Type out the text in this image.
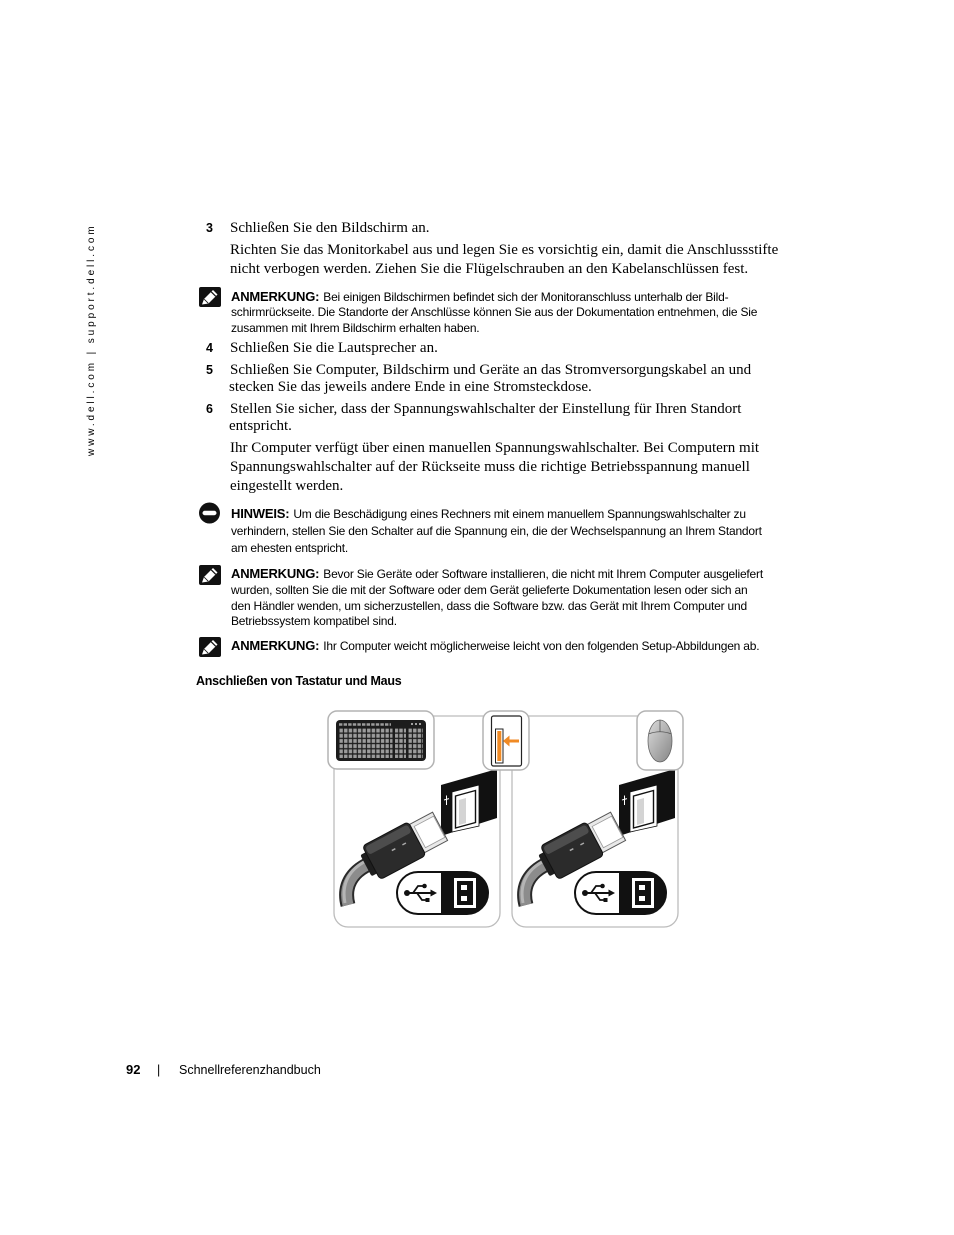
www.dell.com | support.dell.com	3 Schließen Sie den Bildschirm an.
Richten Sie das Monitorkabel aus und legen Sie es vorsichtig ein, damit die Anschlussstifte
nicht verbogen werden. Ziehen Sie die Flügelschrauben an den Kabelanschlüssen fest.
ANMERKUNG: Bei einigen Bildschirmen befindet sich der Monitoranschluss unterhalb der Bild-
schirmrückseite. Die Standorte der Anschlüsse können Sie aus der Dokumentation entnehmen, die Sie
zusammen mit Ihrem Bildschirm erhalten haben.
4 Schließen Sie die Lautsprecher an.
5 Schließen Sie Computer, Bildschirm und Geräte an das Stromversorgungskabel an und
stecken Sie das jeweils andere Ende in eine Stromsteckdose.
6 Stellen Sie sicher, dass der Spannungswahlschalter der Einstellung für Ihren Standort
entspricht.
Ihr Computer verfügt über einen manuellen Spannungswahlschalter. Bei Computern mit
Spannungswahlschalter auf der Rückseite muss die richtige Betriebsspannung manuell
eingestellt werden.
HINWEIS: Um die Beschädigung eines Rechners mit einem manuellem Spannungswahlschalter zu
verhindern, stellen Sie den Schalter auf die Spannung ein, die der Wechselspannung an Ihrem Standort
am ehesten entspricht.
ANMERKUNG: Bevor Sie Geräte oder Software installieren, die nicht mit Ihrem Computer ausgeliefert
wurden, sollten Sie die mit der Software oder dem Gerät gelieferte Dokumentation lesen oder sich an
den Händler wenden, um sicherzustellen, dass die Software bzw. das Gerät mit Ihrem Computer und
Betriebssystem kompatibel sind.
ANMERKUNG: Ihr Computer weicht möglicherweise leicht von den folgenden Setup-Abbildungen ab.
Anschließen von Tastatur und Maus
92 | Schnellreferenzhandbuch
